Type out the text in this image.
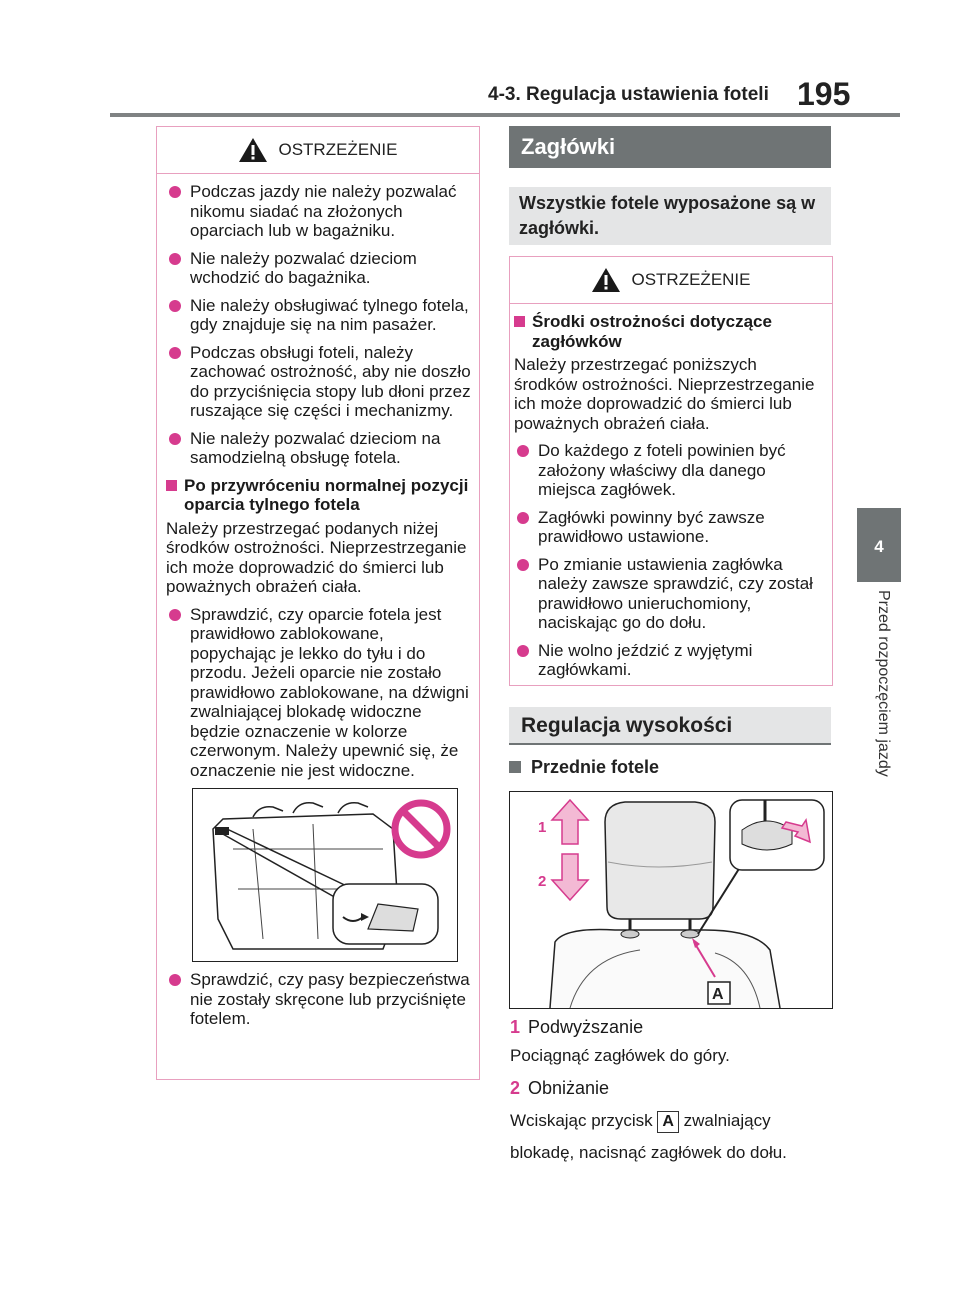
4-3. Regulacja ustawienia foteli 195
4
Przed rozpoczęciem jazdy
OSTRZEŻENIE
Podczas jazdy nie należy pozwalać nikomu siadać na złożonych oparciach lub w bagażniku.
Nie należy pozwalać dzieciom wchodzić do bagażnika.
Nie należy obsługiwać tylnego fotela, gdy znajduje się na nim pasażer.
Podczas obsługi foteli, należy zachować ostrożność, aby nie doszło do przyciśnięcia stopy lub dłoni przez ruszające się części i mechanizmy.
Nie należy pozwalać dzieciom na samodzielną obsługę fotela.
Po przywróceniu normalnej pozycji oparcia tylnego fotela
Należy przestrzegać podanych niżej środków ostrożności. Nieprzestrzeganie ich może doprowadzić do śmierci lub poważnych obrażeń ciała.
Sprawdzić, czy oparcie fotela jest prawidłowo zablokowane, popychając je lekko do tyłu i do przodu. Jeżeli oparcie nie zostało prawidłowo zablokowane, na dźwigni zwalniającej blokadę widoczne będzie oznaczenie w kolorze czerwonym. Należy upewnić się, że oznaczenie nie jest widoczne.
Sprawdzić, czy pasy bezpieczeństwa nie zostały skręcone lub przyciśnięte fotelem.
Zagłówki
Wszystkie fotele wyposażone są w zagłówki.
OSTRZEŻENIE
Środki ostrożności dotyczące zagłówków
Należy przestrzegać poniższych środków ostrożności. Nieprzestrzeganie ich może doprowadzić do śmierci lub poważnych obrażeń ciała.
Do każdego z foteli powinien być założony właściwy dla danego miejsca zagłówek.
Zagłówki powinny być zawsze prawidłowo ustawione.
Po zmianie ustawienia zagłówka należy zawsze sprawdzić, czy został prawidłowo unieruchomiony, naciskając go do dołu.
Nie wolno jeździć z wyjętymi zagłówkami.
Regulacja wysokości
Przednie fotele
1
2
A
1 Podwyższanie
Pociągnąć zagłówek do góry.
2 Obniżanie
Wciskając przycisk A zwalniający blokadę, nacisnąć zagłówek do dołu.
